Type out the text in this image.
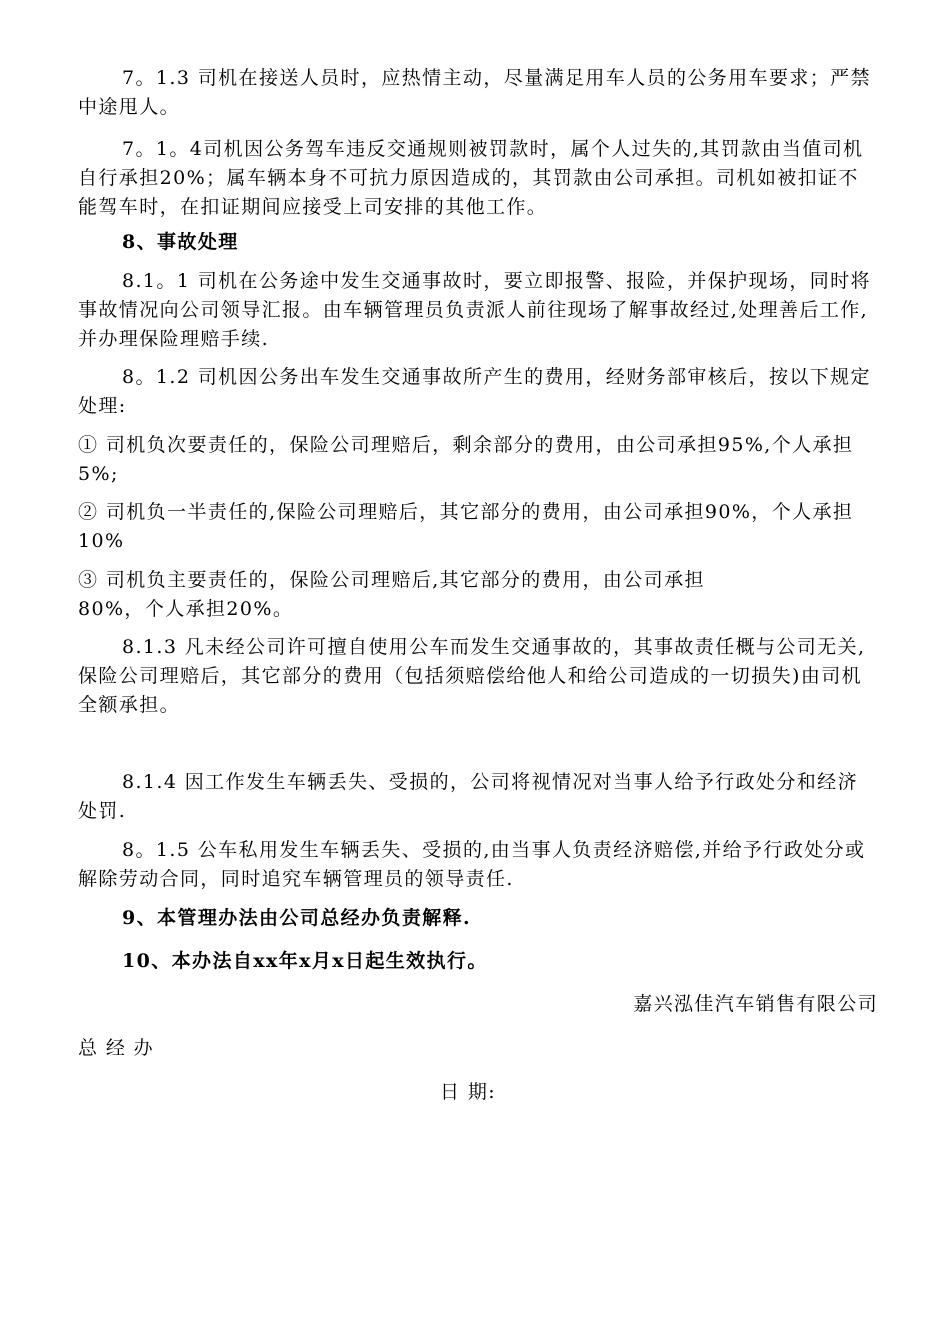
7。1.3 司机在接送人员时，应热情主动，尽量满足用车人员的公务用车要求；严禁中途甩人。

7。1。4司机因公务驾车违反交通规则被罚款时，属个人过失的,其罚款由当值司机自行承担20%；属车辆本身不可抗力原因造成的，其罚款由公司承担。司机如被扣证不能驾车时，在扣证期间应接受上司安排的其他工作。

8、事故处理

8.1。1 司机在公务途中发生交通事故时，要立即报警、报险，并保护现场，同时将事故情况向公司领导汇报。由车辆管理员负责派人前往现场了解事故经过,处理善后工作,并办理保险理赔手续.

8。1.2 司机因公务出车发生交通事故所产生的费用，经财务部审核后，按以下规定处理:

① 司机负次要责任的，保险公司理赔后，剩余部分的费用，由公司承担95%,个人承担5%;

② 司机负一半责任的,保险公司理赔后，其它部分的费用，由公司承担90%，个人承担10%

③ 司机负主要责任的，保险公司理赔后,其它部分的费用，由公司承担

80%，个人承担20%。

8.1.3 凡未经公司许可擅自使用公车而发生交通事故的，其事故责任概与公司无关,保险公司理赔后，其它部分的费用（包括须赔偿给他人和给公司造成的一切损失)由司机全额承担。

8.1.4 因工作发生车辆丢失、受损的，公司将视情况对当事人给予行政处分和经济处罚.

8。1.5 公车私用发生车辆丢失、受损的,由当事人负责经济赔偿,并给予行政处分或解除劳动合同，同时追究车辆管理员的领导责任.

9、本管理办法由公司总经办负责解释.

10、本办法自xx年x月x日起生效执行。

嘉兴泓佳汽车销售有限公司

总 经 办

日 期:
